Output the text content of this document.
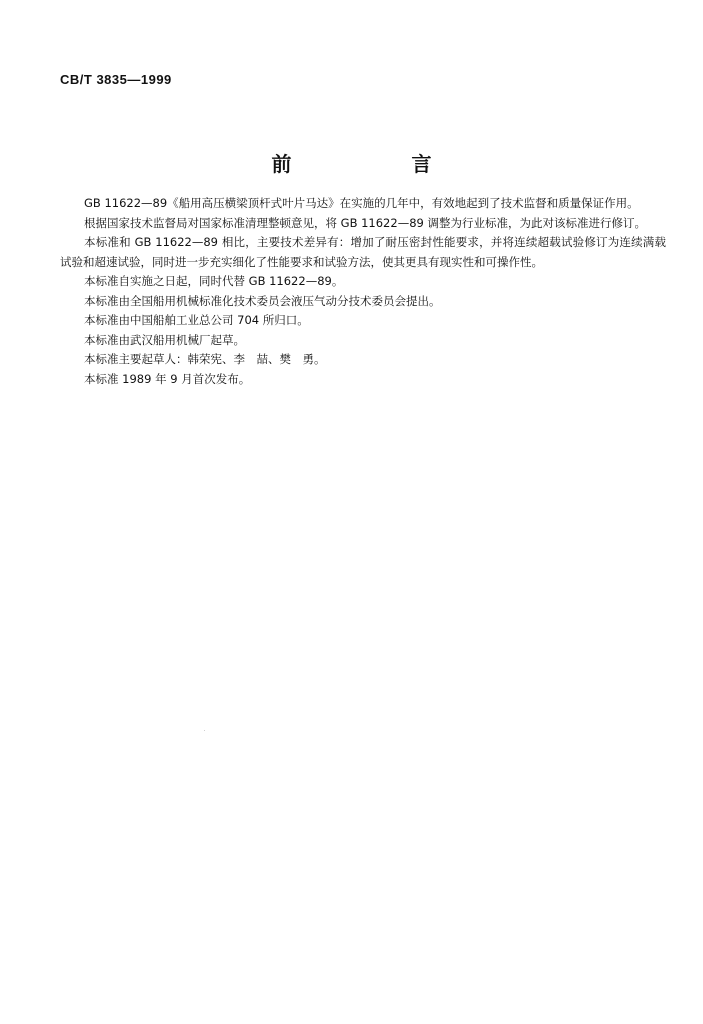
CB/T 3835—1999
前　言

GB 11622—89《船用高压横梁顶杆式叶片马达》在实施的几年中，有效地起到了技术监督和质量保证作用。

根据国家技术监督局对国家标准清理整顿意见，将 GB 11622—89 调整为行业标准，为此对该标准进行修订。

本标准和 GB 11622—89 相比，主要技术差异有：增加了耐压密封性能要求，并将连续超载试验修订为连续满载试验和超速试验，同时进一步充实细化了性能要求和试验方法，使其更具有现实性和可操作性。

本标准自实施之日起，同时代替 GB 11622—89。

本标准由全国船用机械标准化技术委员会液压气动分技术委员会提出。

本标准由中国船舶工业总公司 704 所归口。

本标准由武汉船用机械厂起草。

本标准主要起草人：韩荣宪、李　喆、樊　勇。

本标准 1989 年 9 月首次发布。
